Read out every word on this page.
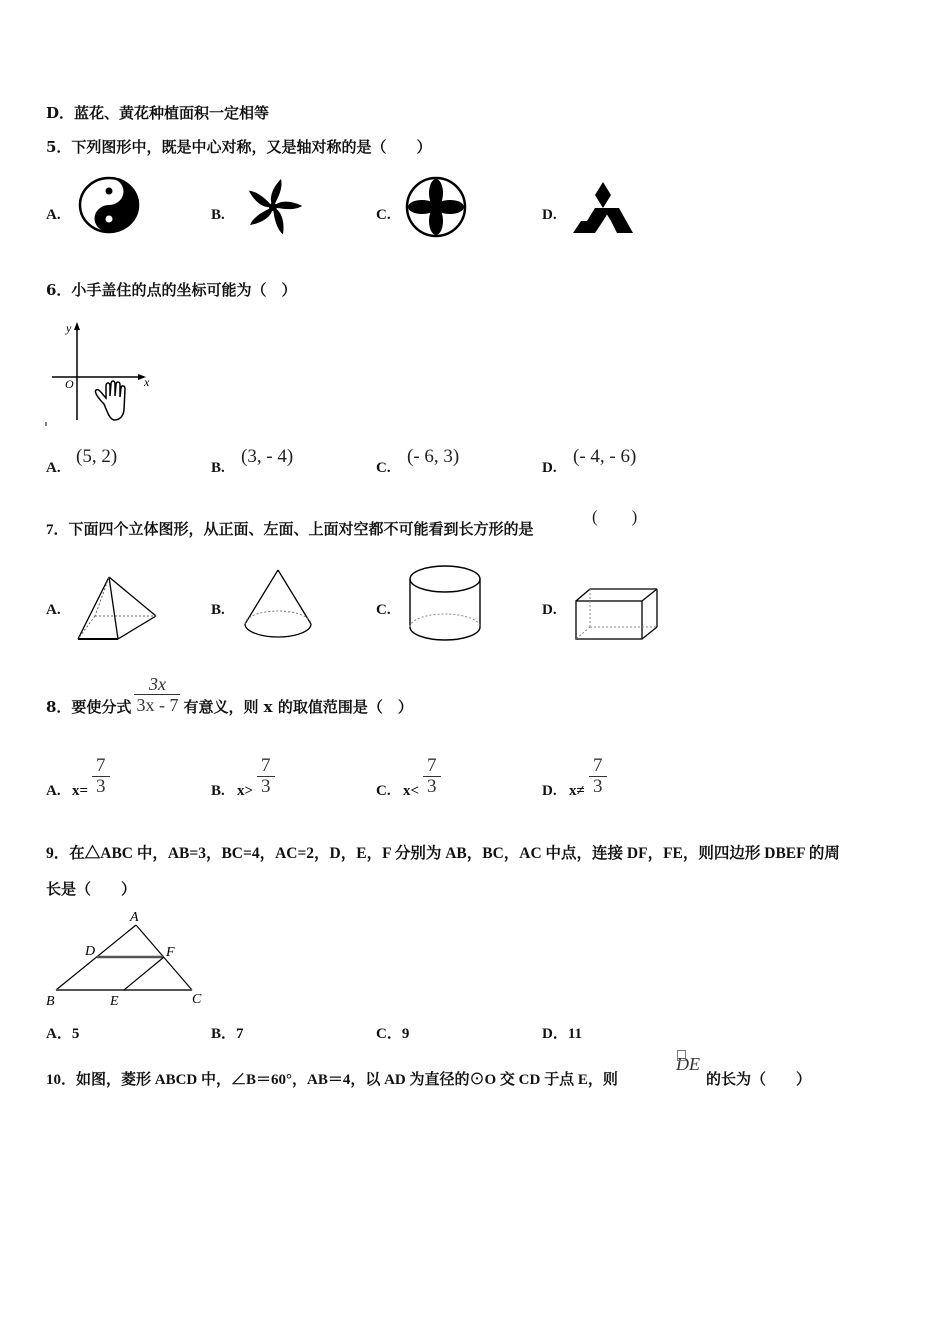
D．蓝花、黄花种植面积一定相等
5．下列图形中，既是中心对称，又是轴对称的是（　　）
A.	B.	C.	D.
6．小手盖住的点的坐标可能为（　）
y
x
O
A.
(5, 2)
B.
(3, - 4)
C.
(- 6, 3)
D.
(- 4, - 6)
7．下面四个立体图形，从正面、左面、上面对空都不可能看到长方形的是
(　　)
A.	B.	C.	D.
8．要使分式 $\frac{3x}{3x - 7}$ 有意义，则 x 的取值范围是（　）
A. x=
7
3	B. x>
7
3	C. x<
7
3	D. x≠
7
3
9．在△ABC 中，AB=3，BC=4，AC=2，D，E，F 分别为 AB，BC，AC 中点，连接 DF，FE，则四边形 DBEF 的周
长是（　　）
A
D	F
B	E	C
A．5	B．7	C．9	D．11
10．如图，菱形 ABCD 中，∠B＝60°，AB＝4，以 AD 为直径的⊙O 交 CD 于点 E，则
DE
的长为（　　）
